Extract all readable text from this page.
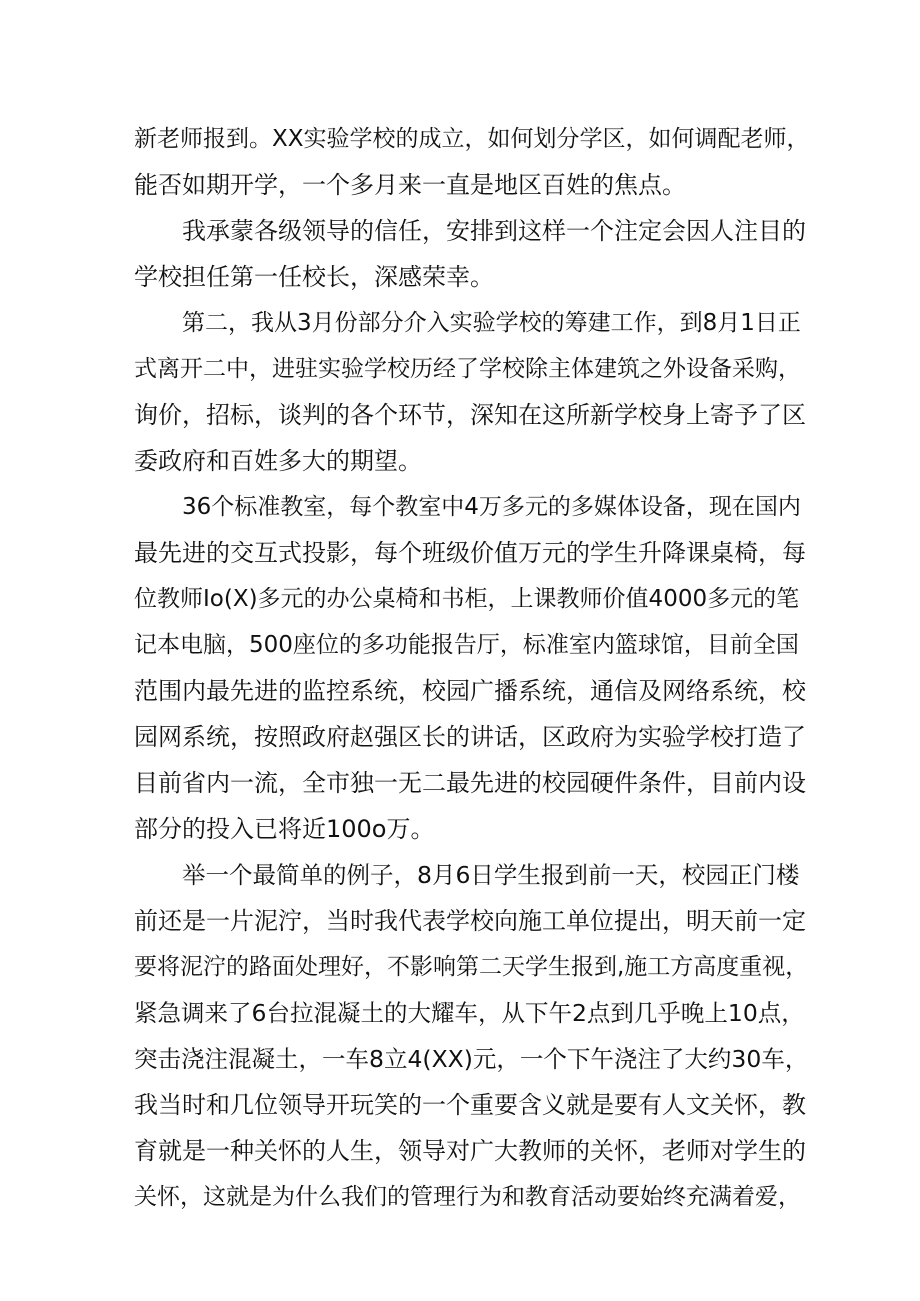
新老师报到。XX实验学校的成立，如何划分学区，如何调配老师，
能否如期开学，一个多月来一直是地区百姓的焦点。
我承蒙各级领导的信任，安排到这样一个注定会因人注目的
学校担任第一任校长，深感荣幸。
第二，我从3月份部分介入实验学校的筹建工作，到8月1日正
式离开二中，进驻实验学校历经了学校除主体建筑之外设备采购，
询价，招标，谈判的各个环节，深知在这所新学校身上寄予了区
委政府和百姓多大的期望。
36个标准教室，每个教室中4万多元的多媒体设备，现在国内
最先进的交互式投影，每个班级价值万元的学生升降课桌椅，每
位教师Io(X)多元的办公桌椅和书柜，上课教师价值4000多元的笔
记本电脑，500座位的多功能报告厅，标准室内篮球馆，目前全国
范围内最先进的监控系统，校园广播系统，通信及网络系统，校
园网系统，按照政府赵强区长的讲话，区政府为实验学校打造了
目前省内一流，全市独一无二最先进的校园硬件条件，目前内设
部分的投入已将近100o万。
举一个最简单的例子，8月6日学生报到前一天，校园正门楼
前还是一片泥泞，当时我代表学校向施工单位提出，明天前一定
要将泥泞的路面处理好，不影响第二天学生报到,施工方高度重视，
紧急调来了6台拉混凝土的大耀车，从下午2点到几乎晚上10点，
突击浇注混凝土，一车8立4(XX)元，一个下午浇注了大约30车，
我当时和几位领导开玩笑的一个重要含义就是要有人文关怀，教
育就是一种关怀的人生，领导对广大教师的关怀，老师对学生的
关怀，这就是为什么我们的管理行为和教育活动要始终充满着爱，
